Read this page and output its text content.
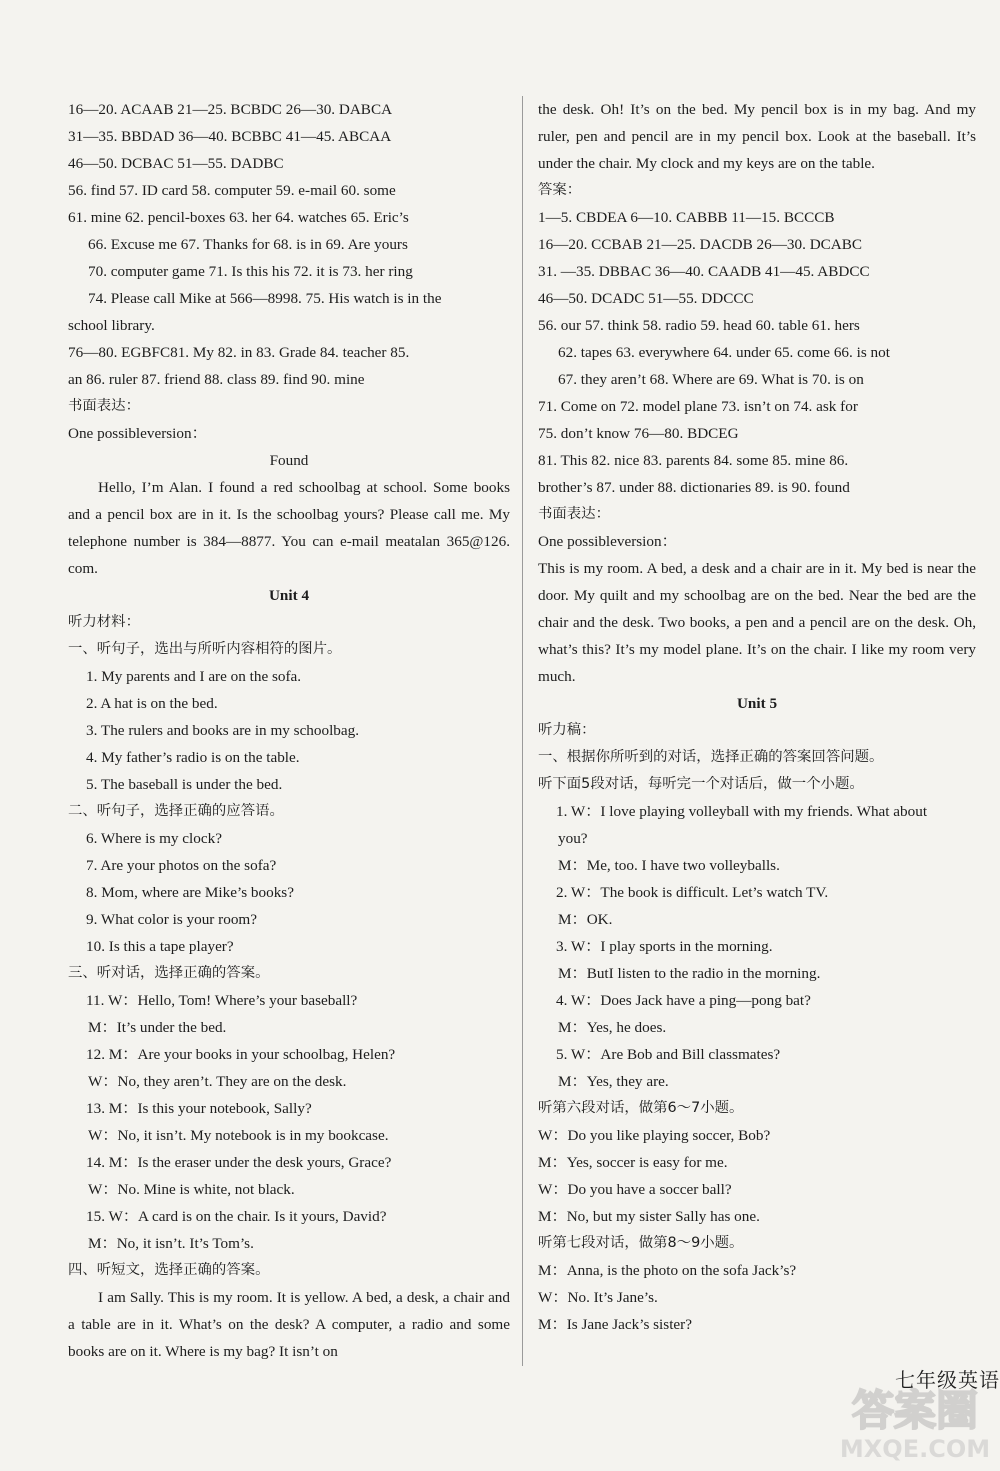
16—20. ACAAB 21—25. BCBDC 26—30. DABCA
31—35. BBDAD 36—40. BCBBC 41—45. ABCAA
46—50. DCBAC 51—55. DADBC
56. find 57. ID card 58. computer 59. e-mail 60. some
61. mine 62. pencil-boxes 63. her 64. watches 65. Eric’s
66. Excuse me 67. Thanks for 68. is in 69. Are yours
70. computer game 71. Is this his 72. it is 73. her ring
74. Please call Mike at 566—8998. 75. His watch is in the
school library.
76—80. EGBFC81. My 82. in 83. Grade 84. teacher 85.
an 86. ruler 87. friend 88. class 89. find 90. mine
书面表达：
One possibleversion：
Found
Hello, I’m Alan. I found a red schoolbag at school. Some books and a pencil box are in it. Is the schoolbag yours? Please call me. My telephone number is 384—8877. You can e-mail meatalan 365@126. com.
Unit 4
听力材料：
一、听句子，选出与所听内容相符的图片。
1. My parents and I are on the sofa.
2. A hat is on the bed.
3. The rulers and books are in my schoolbag.
4. My father’s radio is on the table.
5. The baseball is under the bed.
二、听句子，选择正确的应答语。
6. Where is my clock?
7. Are your photos on the sofa?
8. Mom, where are Mike’s books?
9. What color is your room?
10. Is this a tape player?
三、听对话，选择正确的答案。
11. W：Hello, Tom! Where’s your baseball?
M：It’s under the bed.
12. M：Are your books in your schoolbag, Helen?
W：No, they aren’t. They are on the desk.
13. M：Is this your notebook, Sally?
W：No, it isn’t. My notebook is in my bookcase.
14. M：Is the eraser under the desk yours, Grace?
W：No. Mine is white, not black.
15. W：A card is on the chair. Is it yours, David?
M：No, it isn’t. It’s Tom’s.
四、听短文，选择正确的答案。
I am Sally. This is my room. It is yellow. A bed, a desk, a chair and a table are in it. What’s on the desk? A computer, a radio and some books are on it. Where is my bag? It isn’t on
the desk. Oh! It’s on the bed. My pencil box is in my bag. And my ruler, pen and pencil are in my pencil box. Look at the baseball. It’s under the chair. My clock and my keys are on the table.
答案：
1—5. CBDEA 6—10. CABBB 11—15. BCCCB
16—20. CCBAB 21—25. DACDB 26—30. DCABC
31. —35. DBBAC 36—40. CAADB 41—45. ABDCC
46—50. DCADC 51—55. DDCCC
56. our 57. think 58. radio 59. head 60. table 61. hers
62. tapes 63. everywhere 64. under 65. come 66. is not
67. they aren’t 68. Where are 69. What is 70. is on
71. Come on 72. model plane 73. isn’t on 74. ask for
75. don’t know 76—80. BDCEG
81. This 82. nice 83. parents 84. some 85. mine 86.
brother’s 87. under 88. dictionaries 89. is 90. found
书面表达：
One possibleversion：
This is my room. A bed, a desk and a chair are in it. My bed is near the door. My quilt and my schoolbag are on the bed. Near the bed are the chair and the desk. Two books, a pen and a pencil are on the desk. Oh, what’s this? It’s my model plane. It’s on the chair. I like my room very much.
Unit 5
听力稿：
一、根据你所听到的对话，选择正确的答案回答问题。
听下面5段对话，每听完一个对话后，做一个小题。
1. W：I love playing volleyball with my friends. What about
you?
M：Me, too. I have two volleyballs.
2. W：The book is difficult. Let’s watch TV.
M：OK.
3. W：I play sports in the morning.
M：ButI listen to the radio in the morning.
4. W：Does Jack have a ping—pong bat?
M：Yes, he does.
5. W：Are Bob and Bill classmates?
M：Yes, they are.
听第六段对话，做第6～7小题。
W：Do you like playing soccer, Bob?
M：Yes, soccer is easy for me.
W：Do you have a soccer ball?
M：No, but my sister Sally has one.
听第七段对话，做第8～9小题。
M：Anna, is the photo on the sofa Jack’s?
W：No. It’s Jane’s.
M：Is Jane Jack’s sister?
七年级英语
答案圈
MXQE.COM
